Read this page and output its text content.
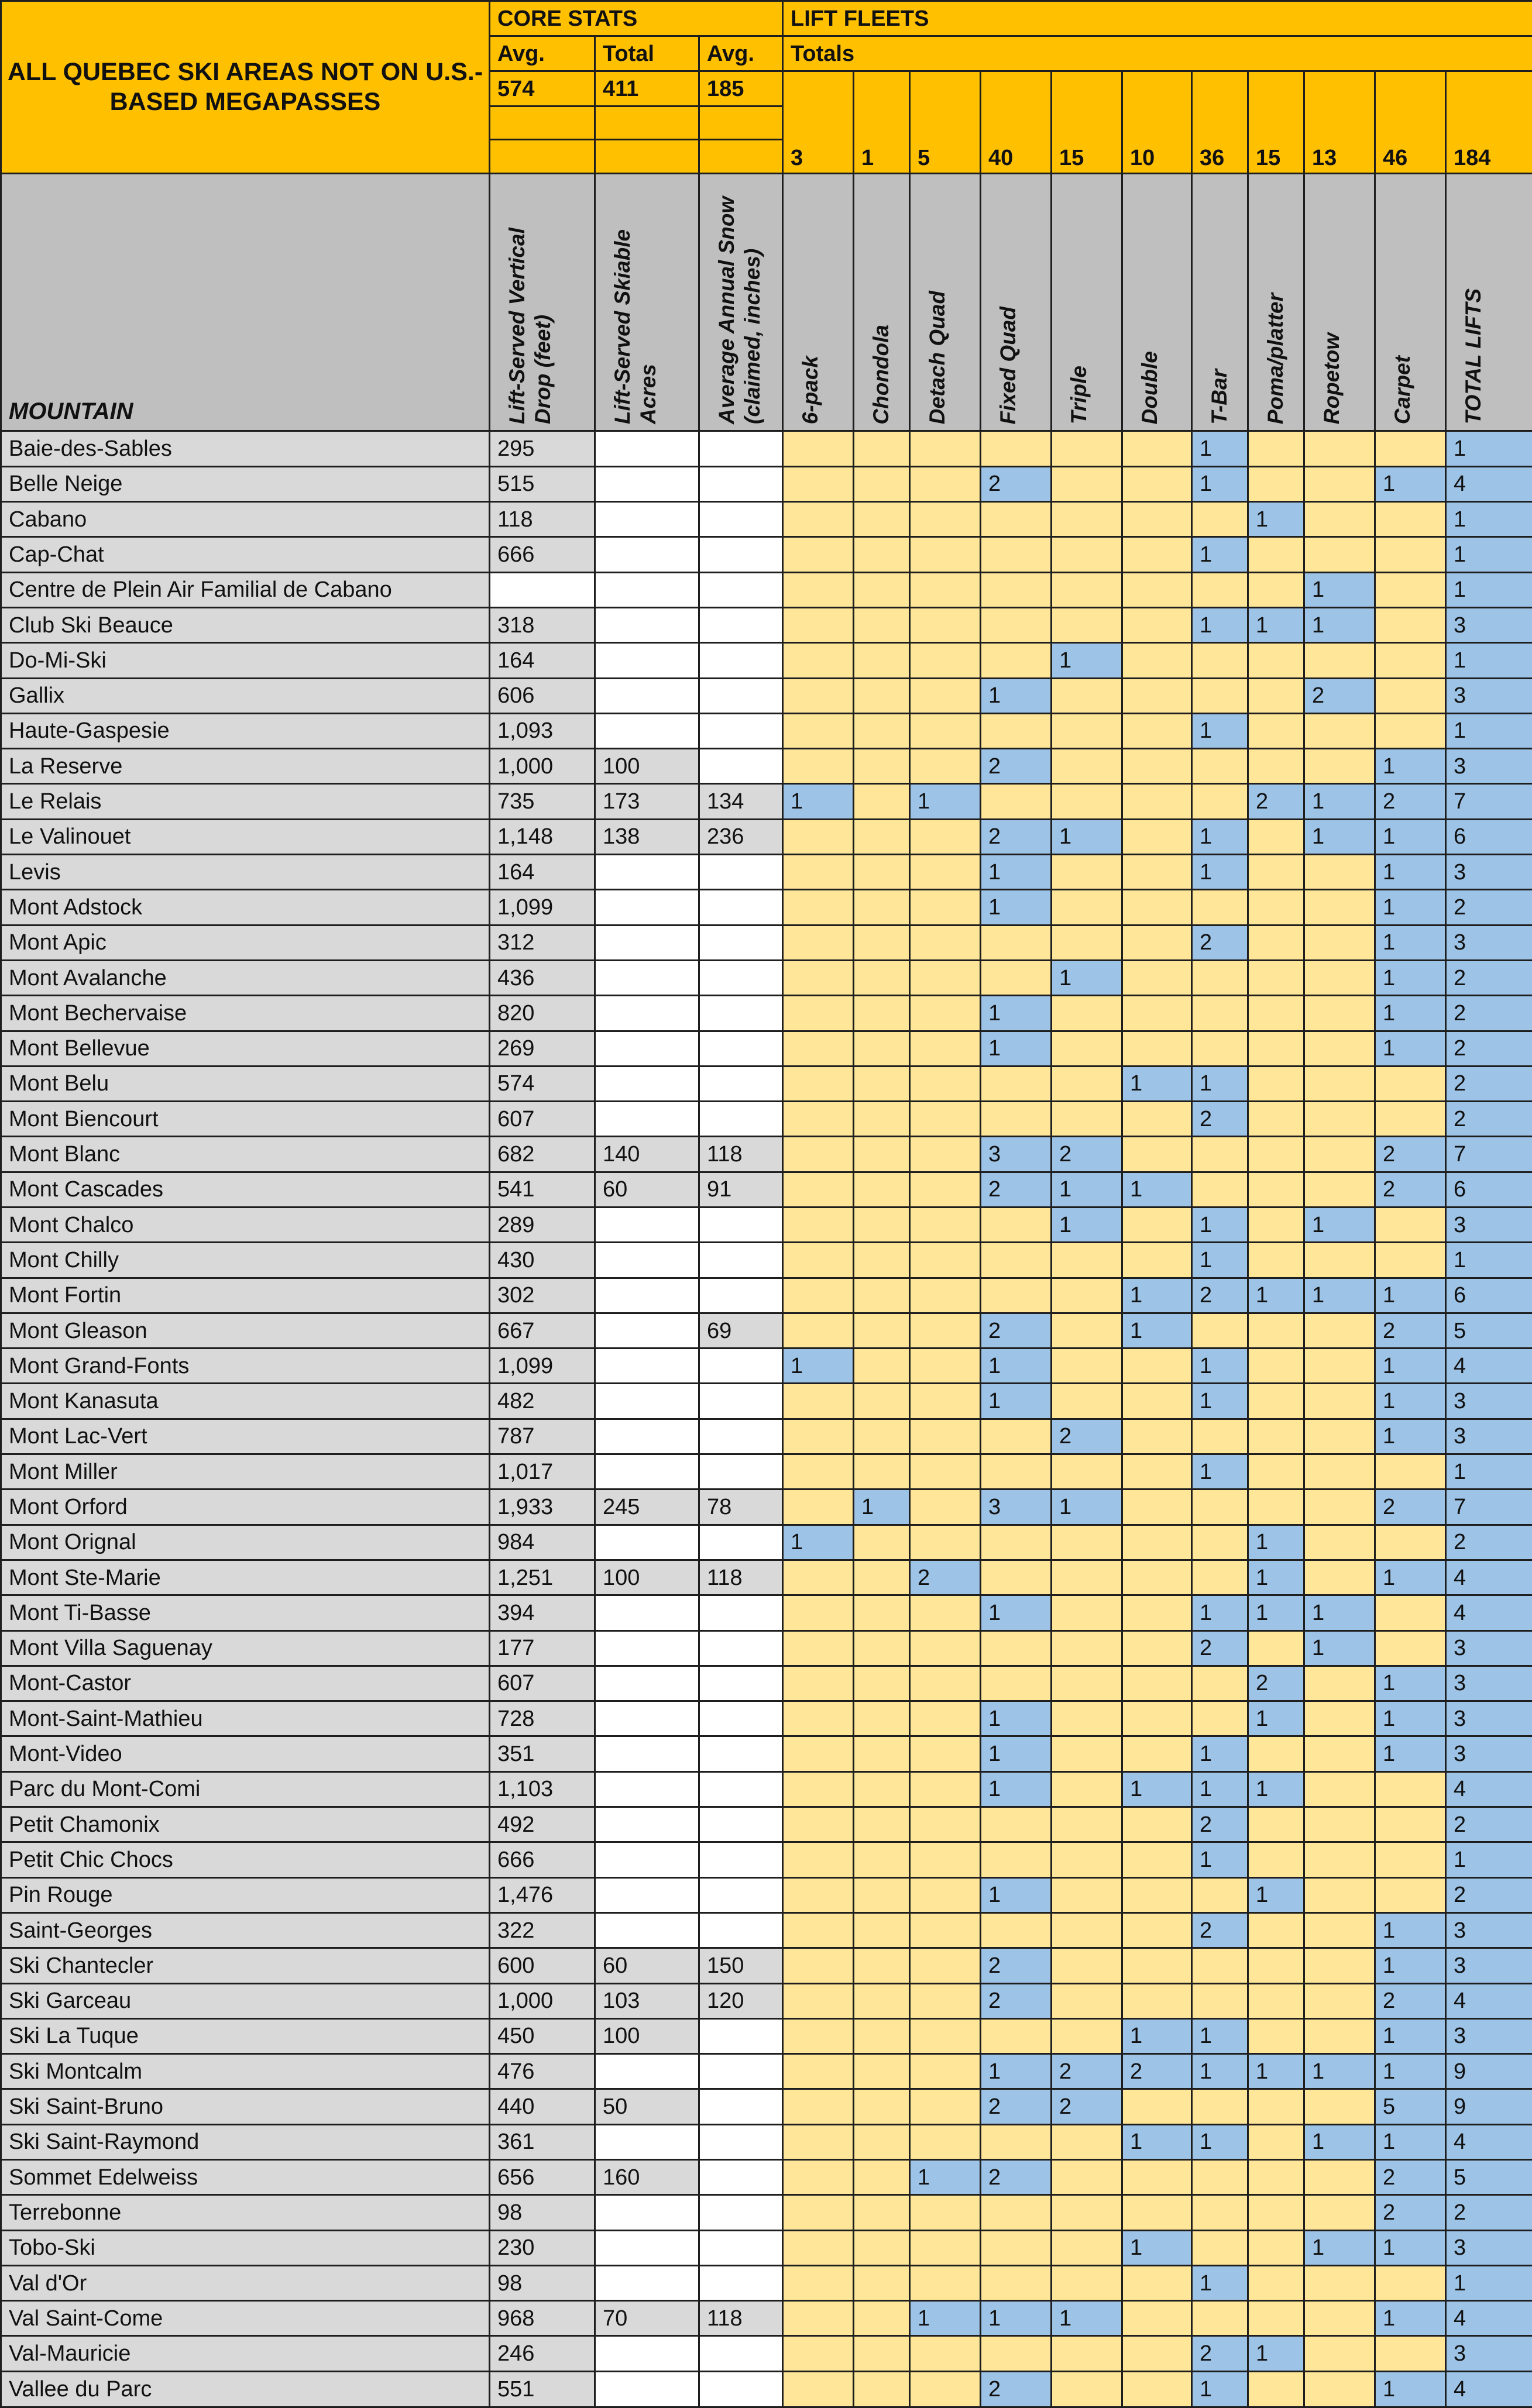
ALL QUEBEC SKI AREAS NOT ON U.S.-BASED MEGAPASSES	CORE STATS			LIFT FLEETS										
	Avg.	Total	Avg.	Totals										
	574	411	185	3	1	5	40	15	10	36	15	13	46	184

MOUNTAIN	Lift-Served Vertical Drop (feet)	Lift-Served Skiable Acres	Average Annual Snow (claimed, inches)	6-pack	Chondola	Detach Quad	Fixed Quad	Triple	Double	T-Bar	Poma/platter	Ropetow	Carpet	TOTAL LIFTS

Baie-des-Sables	295									1				1
Belle Neige	515						2			1			1	4
Cabano	118										1			1
Cap-Chat	666									1				1
Centre de Plein Air Familial de Cabano												1		1
Club Ski Beauce	318									1	1	1		3
Do-Mi-Ski	164							1						1
Gallix	606						1					2		3
Haute-Gaspesie	1,093									1				1
La Reserve	1,000	100					2						1	3
Le Relais	735	173	134	1		1					2	1	2	7
Le Valinouet	1,148	138	236				2	1		1		1	1	6
Levis	164						1			1			1	3
Mont Adstock	1,099						1						1	2
Mont Apic	312									2			1	3
Mont Avalanche	436							1					1	2
Mont Bechervaise	820						1						1	2
Mont Bellevue	269						1						1	2
Mont Belu	574								1	1				2
Mont Biencourt	607									2				2
Mont Blanc	682	140	118				3	2					2	7
Mont Cascades	541	60	91				2	1	1				2	6
Mont Chalco	289							1		1		1		3
Mont Chilly	430									1				1
Mont Fortin	302								1	2	1	1	1	6
Mont Gleason	667		69				2		1				2	5
Mont Grand-Fonts	1,099			1			1			1			1	4
Mont Kanasuta	482						1			1			1	3
Mont Lac-Vert	787							2					1	3
Mont Miller	1,017									1				1
Mont Orford	1,933	245	78		1		3	1					2	7
Mont Orignal	984			1							1			2
Mont Ste-Marie	1,251	100	118			2					1		1	4
Mont Ti-Basse	394						1			1	1	1		4
Mont Villa Saguenay	177									2		1		3
Mont-Castor	607										2		1	3
Mont-Saint-Mathieu	728						1				1		1	3
Mont-Video	351						1			1			1	3
Parc du Mont-Comi	1,103						1		1	1	1			4
Petit Chamonix	492									2				2
Petit Chic Chocs	666									1				1
Pin Rouge	1,476						1				1			2
Saint-Georges	322									2			1	3
Ski Chantecler	600	60	150				2						1	3
Ski Garceau	1,000	103	120				2						2	4
Ski La Tuque	450	100							1	1			1	3
Ski Montcalm	476						1	2	2	1	1	1	1	9
Ski Saint-Bruno	440	50					2	2					5	9
Ski Saint-Raymond	361								1	1		1	1	4
Sommet Edelweiss	656	160				1	2						2	5
Terrebonne	98												2	2
Tobo-Ski	230								1			1	1	3
Val d'Or	98									1				1
Val Saint-Come	968	70	118			1	1	1					1	4
Val-Mauricie	246									2	1			3
Vallee du Parc	551						2			1			1	4
